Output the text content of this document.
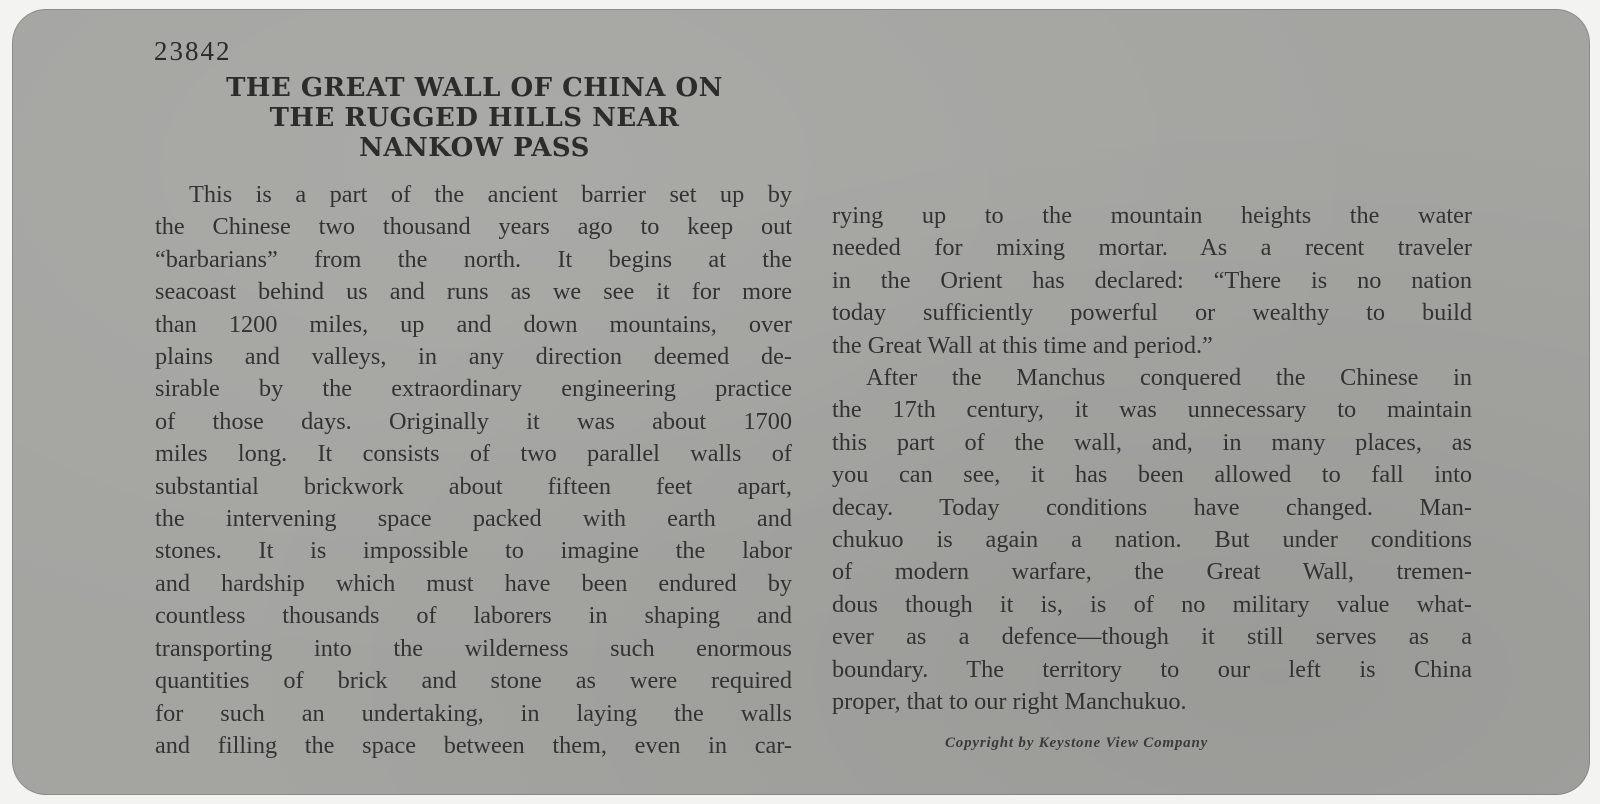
23842
THE GREAT WALL OF CHINA ON
THE RUGGED HILLS NEAR
NANKOW PASS
This is a part of the ancient barrier set up by
the Chinese two thousand years ago to keep out
“barbarians” from the north. It begins at the
seacoast behind us and runs as we see it for more
than 1200 miles, up and down mountains, over
plains and valleys, in any direction deemed de-
sirable by the extraordinary engineering practice
of those days. Originally it was about 1700
miles long. It consists of two parallel walls of
substantial brickwork about fifteen feet apart,
the intervening space packed with earth and
stones. It is impossible to imagine the labor
and hardship which must have been endured by
countless thousands of laborers in shaping and
transporting into the wilderness such enormous
quantities of brick and stone as were required
for such an undertaking, in laying the walls
and filling the space between them, even in car-
rying up to the mountain heights the water
needed for mixing mortar. As a recent traveler
in the Orient has declared: “There is no nation
today sufficiently powerful or wealthy to build
the Great Wall at this time and period.”
After the Manchus conquered the Chinese in
the 17th century, it was unnecessary to maintain
this part of the wall, and, in many places, as
you can see, it has been allowed to fall into
decay. Today conditions have changed. Man-
chukuo is again a nation. But under conditions
of modern warfare, the Great Wall, tremen-
dous though it is, is of no military value what-
ever as a defence—though it still serves as a
boundary. The territory to our left is China
proper, that to our right Manchukuo.
Copyright by Keystone View Company
